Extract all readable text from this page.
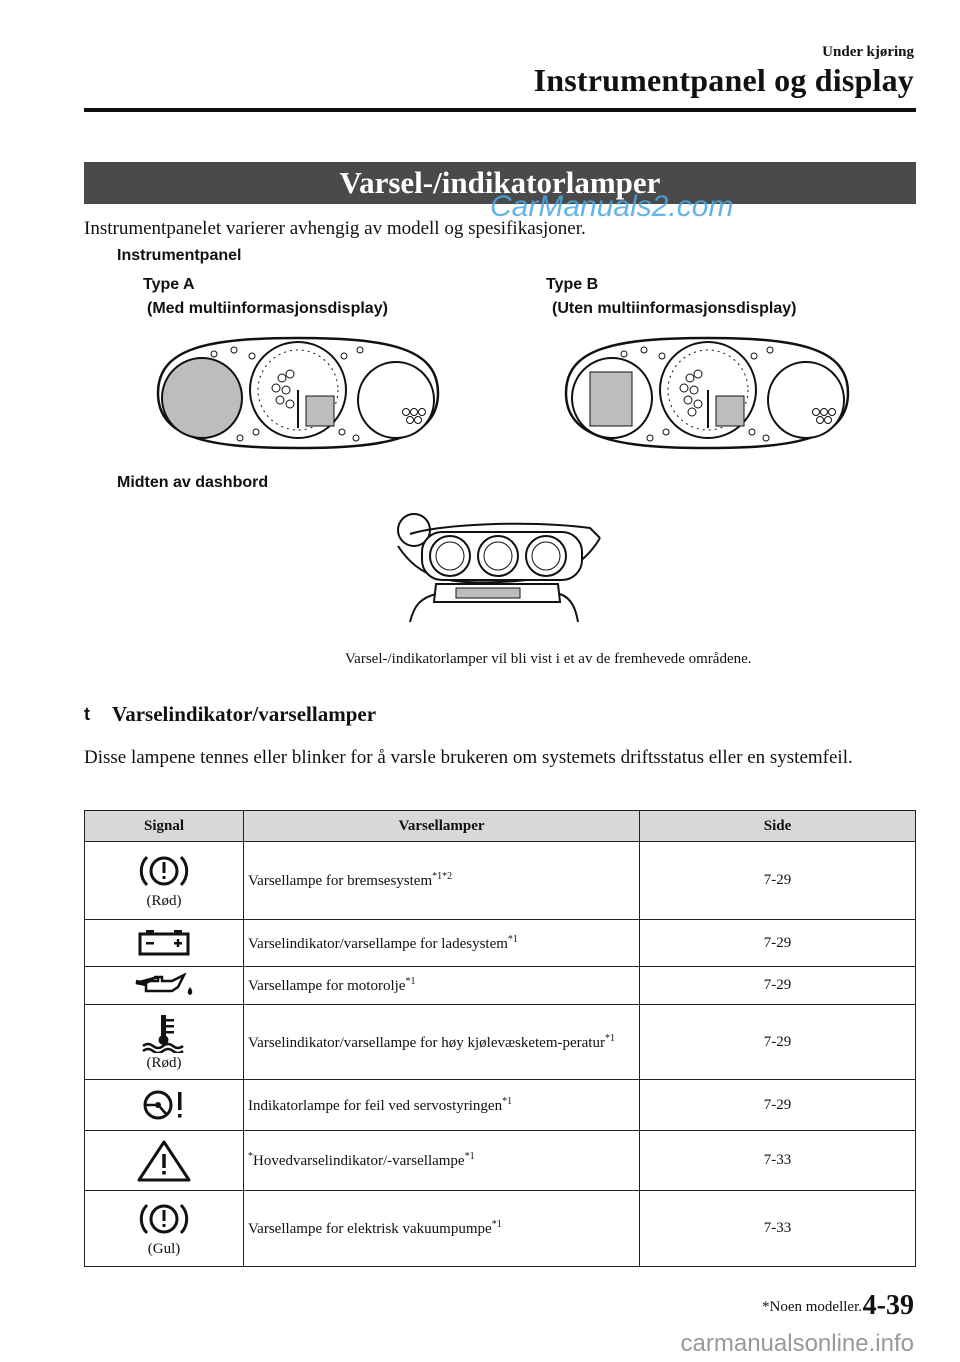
Under kjøring
Instrumentpanel og display
Varsel-/indikatorlamper
CarManuals2.com
Instrumentpanelet varierer avhengig av modell og spesifikasjoner.
Instrumentpanel
Type A
(Med multiinformasjonsdisplay)
Type B
(Uten multiinformasjonsdisplay)
Midten av dashbord
Varsel-/indikatorlamper vil bli vist i et av de fremhevede områdene.
t Varselindikator/varsellamper
Disse lampene tennes eller blinker for å varsle brukeren om systemets driftsstatus eller en systemfeil.
Signal	Varsellamper	Side

(Rød)	Varsellampe for bremsesystem$^{*1*2}$	7-29

	Varselindikator/varsellampe for ladesystem$^{*1}$	7-29

	Varsellampe for motorolje$^{*1}$	7-29

(Rød)	Varselindikator/varsellampe for høy kjølevæsketem-peratur$^{*1}$	7-29

	Indikatorlampe for feil ved servostyringen$^{*1}$	7-29

	*Hovedvarselindikator/-varsellampe$^{*1}$	7-33

(Gul)	Varsellampe for elektrisk vakuumpumpe$^{*1}$	7-33
*Noen modeller. 4-39
carmanualsonline.info
